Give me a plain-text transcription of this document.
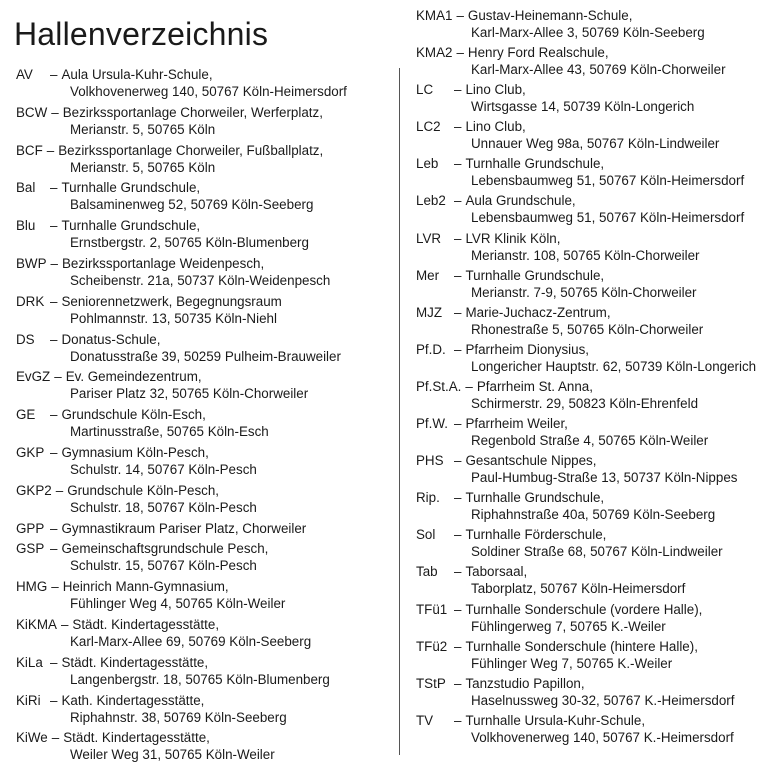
Hallenverzeichnis
AV – Aula Ursula-Kuhr-Schule,
Volkhovenerweg 140, 50767 Köln-Heimersdorf
BCW – Bezirkssportanlage Chorweiler, Werferplatz,
Merianstr. 5, 50765 Köln
BCF – Bezirkssportanlage Chorweiler, Fußballplatz,
Merianstr. 5, 50765 Köln
Bal – Turnhalle Grundschule,
Balsaminenweg 52, 50769 Köln-Seeberg
Blu – Turnhalle Grundschule,
Ernstbergstr. 2, 50765 Köln-Blumenberg
BWP – Bezirkssportanlage Weidenpesch,
Scheibenstr. 21a, 50737 Köln-Weidenpesch
DRK – Seniorennetzwerk, Begegnungsraum
Pohlmannstr. 13, 50735 Köln-Niehl
DS – Donatus-Schule,
Donatusstraße 39, 50259 Pulheim-Brauweiler
EvGZ – Ev. Gemeindezentrum,
Pariser Platz 32, 50765 Köln-Chorweiler
GE – Grundschule Köln-Esch,
Martinusstraße, 50765 Köln-Esch
GKP – Gymnasium Köln-Pesch,
Schulstr. 14, 50767 Köln-Pesch
GKP2 – Grundschule Köln-Pesch,
Schulstr. 18, 50767 Köln-Pesch
GPP – Gymnastikraum Pariser Platz, Chorweiler
GSP – Gemeinschaftsgrundschule Pesch,
Schulstr. 15, 50767 Köln-Pesch
HMG – Heinrich Mann-Gymnasium,
Fühlinger Weg 4, 50765 Köln-Weiler
KiKMA – Städt. Kindertagesstätte,
Karl-Marx-Allee 69, 50769 Köln-Seeberg
KiLa – Städt. Kindertagesstätte,
Langenbergstr. 18, 50765 Köln-Blumenberg
KiRi – Kath. Kindertagesstätte,
Riphahnstr. 38, 50769 Köln-Seeberg
KiWe – Städt. Kindertagesstätte,
Weiler Weg 31, 50765 Köln-Weiler
KMA1 – Gustav-Heinemann-Schule,
Karl-Marx-Allee 3, 50769 Köln-Seeberg
KMA2 – Henry Ford Realschule,
Karl-Marx-Allee 43, 50769 Köln-Chorweiler
LC – Lino Club,
Wirtsgasse 14, 50739 Köln-Longerich
LC2 – Lino Club,
Unnauer Weg 98a, 50767 Köln-Lindweiler
Leb – Turnhalle Grundschule,
Lebensbaumweg 51, 50767 Köln-Heimersdorf
Leb2 – Aula Grundschule,
Lebensbaumweg 51, 50767 Köln-Heimersdorf
LVR – LVR Klinik Köln,
Merianstr. 108, 50765 Köln-Chorweiler
Mer – Turnhalle Grundschule,
Merianstr. 7-9, 50765 Köln-Chorweiler
MJZ – Marie-Juchacz-Zentrum,
Rhonestraße 5, 50765 Köln-Chorweiler
Pf.D. – Pfarrheim Dionysius,
Longericher Hauptstr. 62, 50739 Köln-Longerich
Pf.St.A. – Pfarrheim St. Anna,
Schirmerstr. 29, 50823 Köln-Ehrenfeld
Pf.W. – Pfarrheim Weiler,
Regenbold Straße 4, 50765 Köln-Weiler
PHS – Gesantschule Nippes,
Paul-Humbug-Straße 13, 50737 Köln-Nippes
Rip. – Turnhalle Grundschule,
Riphahnstraße 40a, 50769 Köln-Seeberg
Sol – Turnhalle Förderschule,
Soldiner Straße 68, 50767 Köln-Lindweiler
Tab – Taborsaal,
Taborplatz, 50767 Köln-Heimersdorf
TFü1 – Turnhalle Sonderschule (vordere Halle),
Fühlingerweg 7, 50765 K.-Weiler
TFü2 – Turnhalle Sonderschule (hintere Halle),
Fühlinger Weg 7, 50765 K.-Weiler
TStP – Tanzstudio Papillon,
Haselnussweg 30-32, 50767 K.-Heimersdorf
TV – Turnhalle Ursula-Kuhr-Schule,
Volkhovenerweg 140, 50767 K.-Heimersdorf
